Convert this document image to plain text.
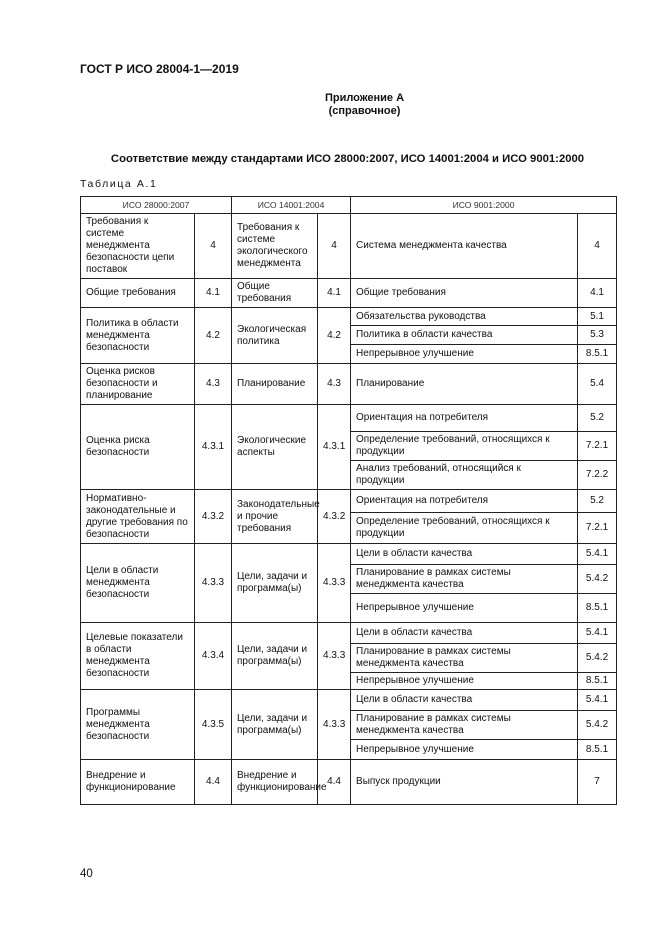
ГОСТ Р ИСО 28004-1—2019
Приложение А
(справочное)
Соответствие между стандартами ИСО 28000:2007, ИСО 14001:2004 и ИСО 9001:2000
Таблица А.1
ИСО 28000:2007		ИСО 14001:2004		ИСО 9001:2000	
Требования к системе менеджмента безопасности цепи поставок	4	Требования к системе экологического менеджмента	4	Система менеджмента качества	4
Общие требования	4.1	Общие требования	4.1	Общие требования	4.1
Политика в области менеджмента безопасности	4.2	Экологическая политика	4.2	Обязательства руководства	5.1
				Политика в области качества	5.3
				Непрерывное улучшение	8.5.1
Оценка рисков безопасности и планирование	4.3	Планирование	4.3	Планирование	5.4
Оценка риска безопасности	4.3.1	Экологические аспекты	4.3.1	Ориентация на потребителя	5.2
				Определение требований, относящихся к продукции	7.2.1
				Анализ требований, относящийся к продукции	7.2.2
Нормативно-законодательные и другие требования по безопасности	4.3.2	Законодательные и прочие требования	4.3.2	Ориентация на потребителя	5.2
				Определение требований, относящихся к продукции	7.2.1
Цели в области менеджмента безопасности	4.3.3	Цели, задачи и программа(ы)	4.3.3	Цели в области качества	5.4.1
				Планирование в рамках системы менеджмента качества	5.4.2
				Непрерывное улучшение	8.5.1
Целевые показатели в области менеджмента безопасности	4.3.4	Цели, задачи и программа(ы)	4.3.3	Цели в области качества	5.4.1
				Планирование в рамках системы менеджмента качества	5.4.2
				Непрерывное улучшение	8.5.1
Программы менеджмента безопасности	4.3.5	Цели, задачи и программа(ы)	4.3.3	Цели в области качества	5.4.1
				Планирование в рамках системы менеджмента качества	5.4.2
				Непрерывное улучшение	8.5.1
Внедрение и функционирование	4.4	Внедрение и функционирование	4.4	Выпуск продукции	7
40
